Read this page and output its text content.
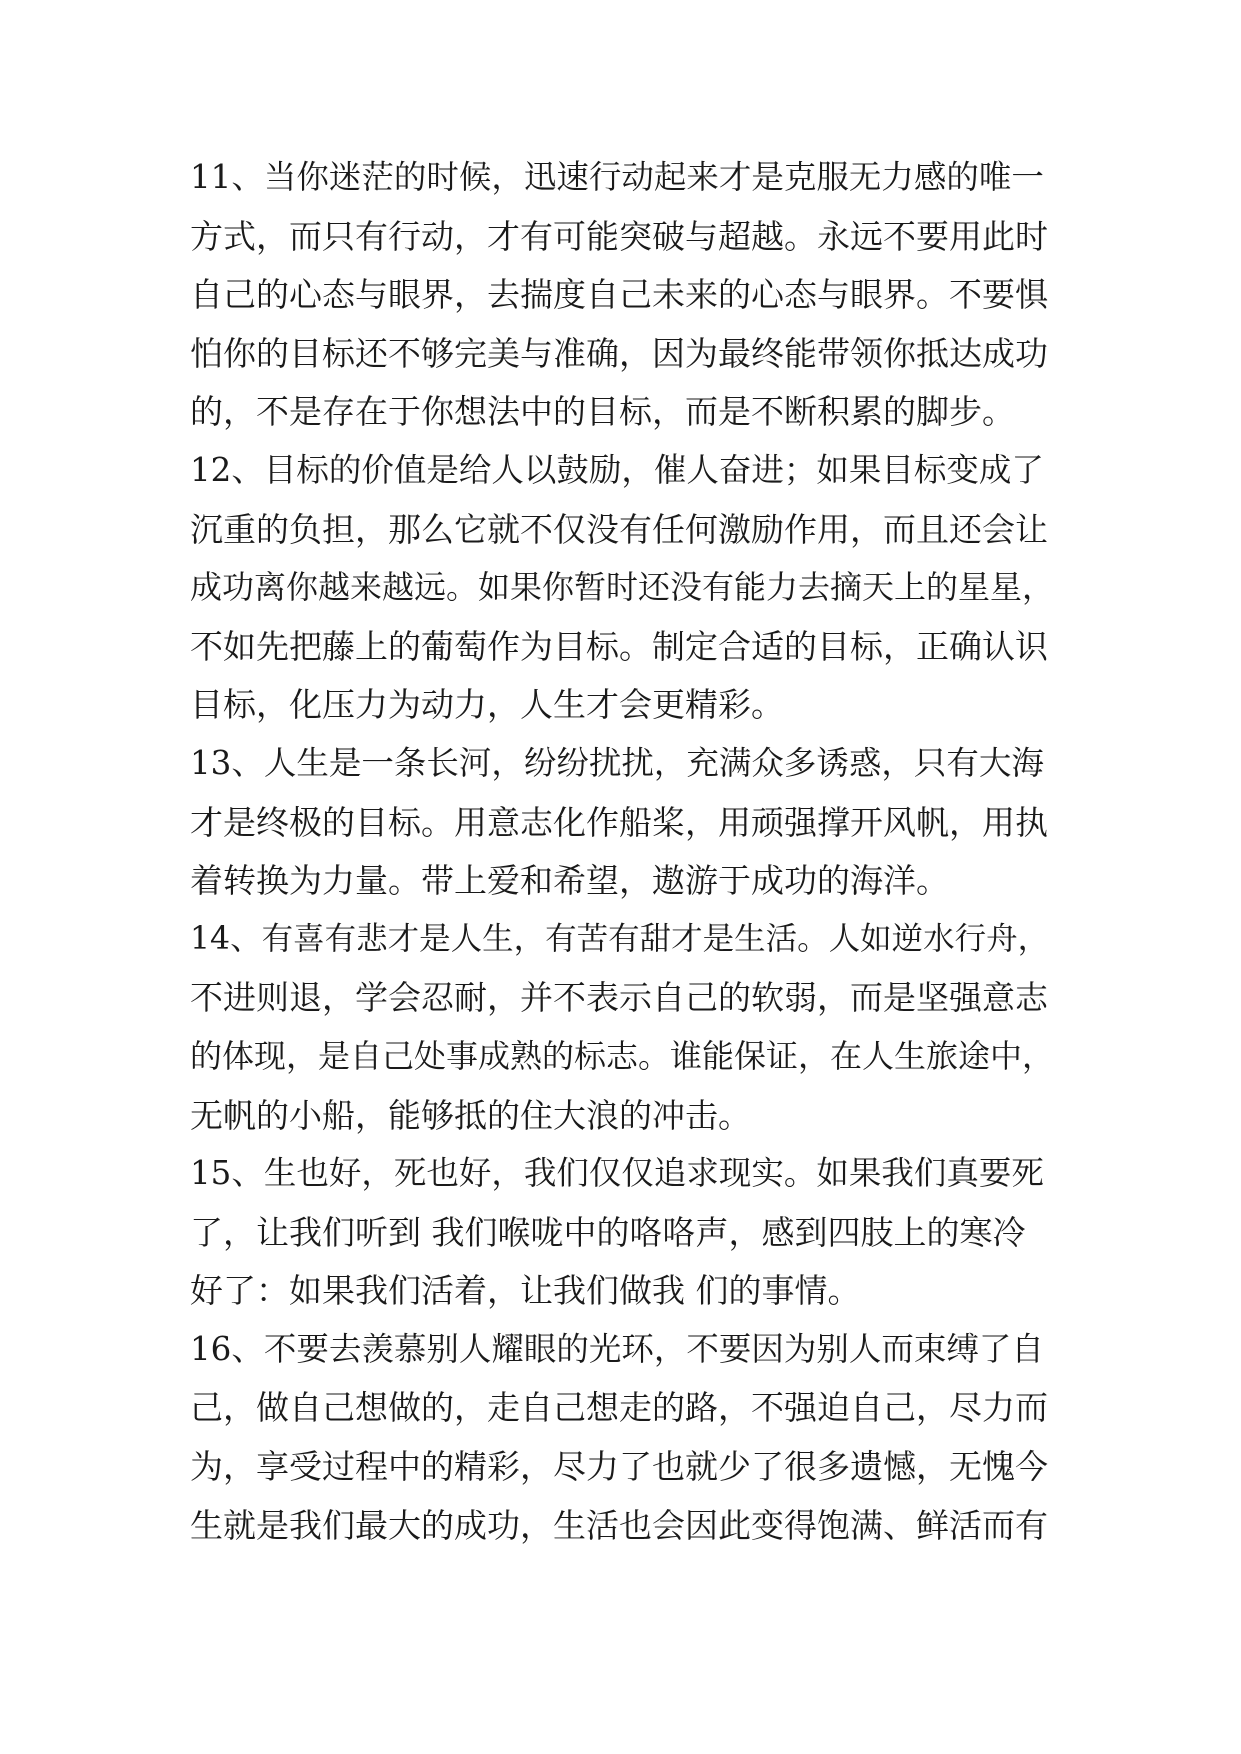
11、当你迷茫的时候，迅速行动起来才是克服无力感的唯一
方式，而只有行动，才有可能突破与超越。永远不要用此时
自己的心态与眼界，去揣度自己未来的心态与眼界。不要惧
怕你的目标还不够完美与准确，因为最终能带领你抵达成功
的，不是存在于你想法中的目标，而是不断积累的脚步。
12、目标的价值是给人以鼓励，催人奋进；如果目标变成了
沉重的负担，那么它就不仅没有任何激励作用，而且还会让
成功离你越来越远。如果你暂时还没有能力去摘天上的星星，
不如先把藤上的葡萄作为目标。制定合适的目标，正确认识
目标，化压力为动力，人生才会更精彩。
13、人生是一条长河，纷纷扰扰，充满众多诱惑，只有大海
才是终极的目标。用意志化作船桨，用顽强撑开风帆，用执
着转换为力量。带上爱和希望，遨游于成功的海洋。
14、有喜有悲才是人生，有苦有甜才是生活。人如逆水行舟，
不进则退，学会忍耐，并不表示自己的软弱，而是坚强意志
的体现，是自己处事成熟的标志。谁能保证，在人生旅途中，
无帆的小船，能够抵的住大浪的冲击。
15、生也好，死也好，我们仅仅追求现实。如果我们真要死
了，让我们听到 我们喉咙中的咯咯声，感到四肢上的寒冷
好了：如果我们活着，让我们做我 们的事情。
16、不要去羡慕别人耀眼的光环，不要因为别人而束缚了自
己，做自己想做的，走自己想走的路，不强迫自己，尽力而
为，享受过程中的精彩，尽力了也就少了很多遗憾，无愧今
生就是我们最大的成功，生活也会因此变得饱满、鲜活而有
